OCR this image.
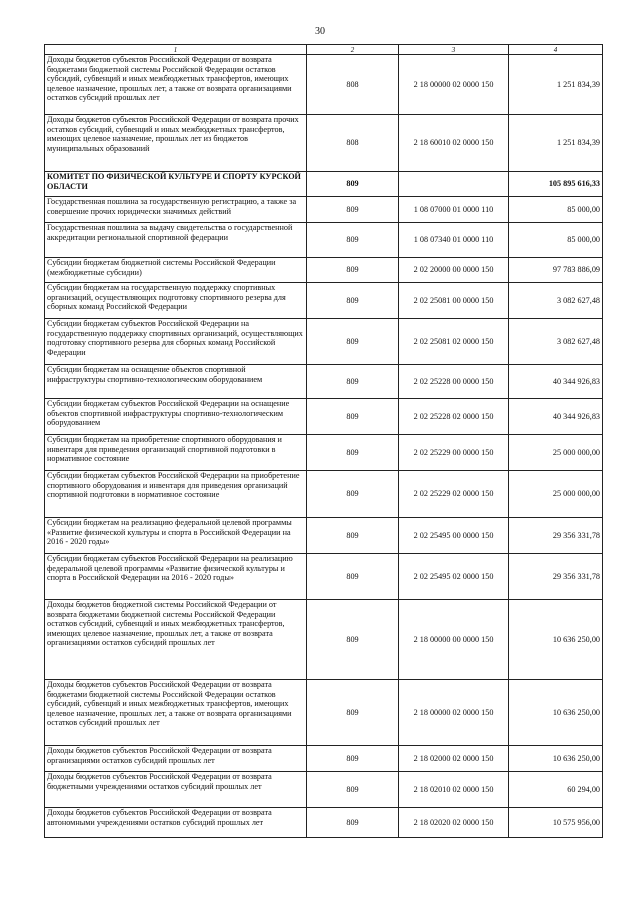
30
1	2	3	4
Доходы бюджетов субъектов Российской Федерации от возврата бюджетами бюджетной системы Российской Федерации остатков субсидий, субвенций и иных межбюджетных трансфертов, имеющих целевое назначение, прошлых лет, а также от возврата организациями остатков субсидий прошлых лет	808	2 18 00000 02 0000 150	1 251 834,39
Доходы бюджетов субъектов Российской Федерации от возврата прочих остатков субсидий, субвенций и иных межбюджетных трансфертов, имеющих целевое назначение, прошлых лет из бюджетов муниципальных образований	808	2 18 60010 02 0000 150	1 251 834,39
КОМИТЕТ ПО ФИЗИЧЕСКОЙ КУЛЬТУРЕ И СПОРТУ КУРСКОЙ ОБЛАСТИ	809		105 895 616,33
Государственная пошлина за государственную регистрацию, а также за совершение прочих юридически значимых действий	809	1 08 07000 01 0000 110	85 000,00
Государственная пошлина за выдачу свидетельства о государственной аккредитации региональной спортивной федерации	809	1 08 07340 01 0000 110	85 000,00
Субсидии бюджетам бюджетной системы Российской Федерации (межбюджетные субсидии)	809	2 02 20000 00 0000 150	97 783 886,09
Субсидии бюджетам на государственную поддержку спортивных организаций, осуществляющих подготовку спортивного резерва для сборных команд Российской Федерации	809	2 02 25081 00 0000 150	3 082 627,48
Субсидии бюджетам субъектов Российской Федерации на государственную поддержку спортивных организаций, осуществляющих подготовку спортивного резерва для сборных команд Российской Федерации	809	2 02 25081 02 0000 150	3 082 627,48
Субсидии бюджетам на оснащение объектов спортивной инфраструктуры спортивно-технологическим оборудованием	809	2 02 25228 00 0000 150	40 344 926,83
Субсидии бюджетам субъектов Российской Федерации на оснащение объектов спортивной инфраструктуры спортивно-технологическим оборудованием	809	2 02 25228 02 0000 150	40 344 926,83
Субсидии бюджетам на приобретение спортивного оборудования и инвентаря для приведения организаций спортивной подготовки в нормативное состояние	809	2 02 25229 00 0000 150	25 000 000,00
Субсидии бюджетам субъектов Российской Федерации на приобретение спортивного оборудования и инвентаря для приведения организаций спортивной подготовки в нормативное состояние	809	2 02 25229 02 0000 150	25 000 000,00
Субсидии бюджетам на реализацию федеральной целевой программы «Развитие физической культуры и спорта в Российской Федерации на 2016 - 2020 годы»	809	2 02 25495 00 0000 150	29 356 331,78
Субсидии бюджетам субъектов Российской Федерации на реализацию федеральной целевой программы «Развитие физической культуры и спорта в Российской Федерации на 2016 - 2020 годы»	809	2 02 25495 02 0000 150	29 356 331,78
Доходы бюджетов бюджетной системы Российской Федерации от возврата бюджетами бюджетной системы Российской Федерации остатков субсидий, субвенций и иных межбюджетных трансфертов, имеющих целевое назначение, прошлых лет, а также от возврата организациями остатков субсидий прошлых лет	809	2 18 00000 00 0000 150	10 636 250,00
Доходы бюджетов субъектов Российской Федерации от возврата бюджетами бюджетной системы Российской Федерации остатков субсидий, субвенций и иных межбюджетных трансфертов, имеющих целевое назначение, прошлых лет, а также от возврата организациями остатков субсидий прошлых лет	809	2 18 00000 02 0000 150	10 636 250,00
Доходы бюджетов субъектов Российской Федерации от возврата организациями остатков субсидий прошлых лет	809	2 18 02000 02 0000 150	10 636 250,00
Доходы бюджетов субъектов Российской Федерации от возврата бюджетными учреждениями остатков субсидий прошлых лет	809	2 18 02010 02 0000 150	60 294,00
Доходы бюджетов субъектов Российской Федерации от возврата автономными учреждениями остатков субсидий прошлых лет	809	2 18 02020 02 0000 150	10 575 956,00
